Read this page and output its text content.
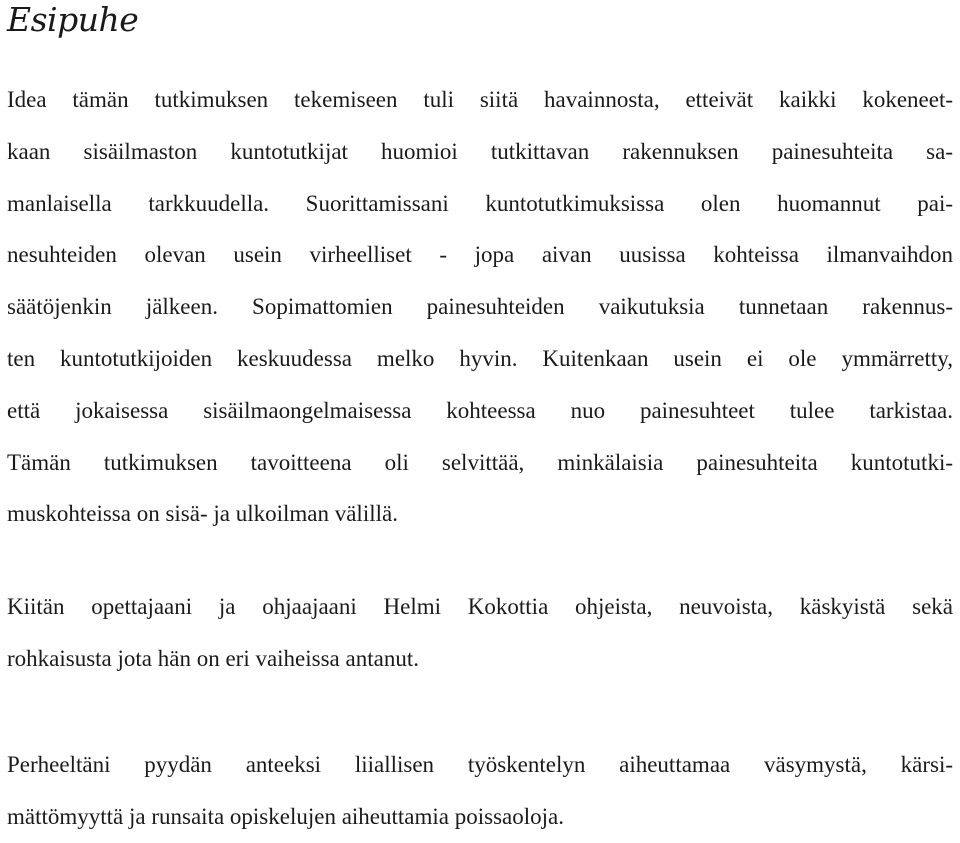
Esipuhe
Idea tämän tutkimuksen tekemiseen tuli siitä havainnosta, etteivät kaikki kokeneet-
kaan sisäilmaston kuntotutkijat huomioi tutkittavan rakennuksen painesuhteita sa-
manlaisella tarkkuudella. Suorittamissani kuntotutkimuksissa olen huomannut pai-
nesuhteiden olevan usein virheelliset - jopa aivan uusissa kohteissa ilmanvaihdon
säätöjenkin jälkeen. Sopimattomien painesuhteiden vaikutuksia tunnetaan rakennus-
ten kuntotutkijoiden keskuudessa melko hyvin. Kuitenkaan usein ei ole ymmärretty,
että jokaisessa sisäilmaongelmaisessa kohteessa nuo painesuhteet tulee tarkistaa.
Tämän tutkimuksen tavoitteena oli selvittää, minkälaisia painesuhteita kuntotutki-
muskohteissa on sisä- ja ulkoilman välillä.
Kiitän opettajaani ja ohjaajaani Helmi Kokottia ohjeista, neuvoista, käskyistä sekä
rohkaisusta jota hän on eri vaiheissa antanut.
Perheeltäni pyydän anteeksi liiallisen työskentelyn aiheuttamaa väsymystä, kärsi-
mättömyyttä ja runsaita opiskelujen aiheuttamia poissaoloja.
